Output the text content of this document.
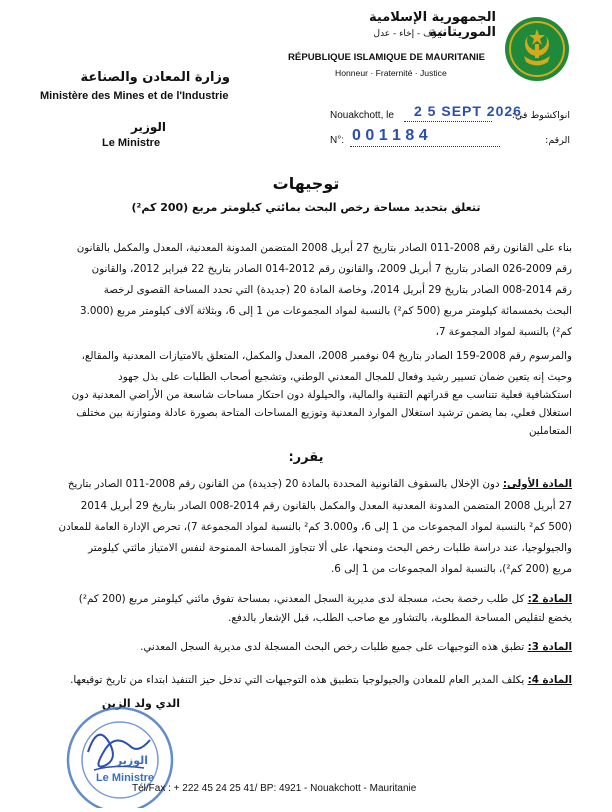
الجمهورية الإسلامية الموريتانية
شرف - إخاء - عدل
RÉPUBLIQUE ISLAMIQUE DE MAURITANIE
Honneur · Fraternité · Justice
وزارة المعادن والصناعة
Ministère des Mines et de l'Industrie
الوزير
Le Ministre
Nouakchott, le 2 5 SEPT 2026
انواكشوط في:
N°: 0 0 1 1 8 4	الرقم:
توجيهات
تتعلق بتحديد مساحة رخص البحث بمائتي كيلومتر مربع (200 كم²)
بناء على القانون رقم 2008-011 الصادر بتاريخ 27 أبريل 2008 المتضمن المدونة المعدنية، المعدل والمكمل بالقانون
رقم 2009-026 الصادر بتاريخ 7 أبريل 2009، والقانون رقم 2012-014 الصادر بتاريخ 22 فبراير 2012، والقانون
رقم 2014-008 الصادر بتاريخ 29 أبريل 2014، وخاصة المادة 20 (جديدة) التي تحدد المساحة القصوى لرخصة
البحث بخمسمائة كيلومتر مربع (500 كم²) بالنسبة لمواد المجموعات من 1 إلى 6، وبثلاثة آلاف كيلومتر مربع (3.000
كم²) بالنسبة لمواد المجموعة 7،
والمرسوم رقم 2008-159 الصادر بتاريخ 04 نوفمبر 2008، المعدل والمكمل، المتعلق بالامتيازات المعدنية والمقالع،
وحيث إنه يتعين ضمان تسيير رشيد وفعال للمجال المعدني الوطني، وتشجيع أصحاب الطلبات على بذل جهود
استكشافية فعلية تتناسب مع قدراتهم التقنية والمالية، والحيلولة دون احتكار مساحات شاسعة من الأراضي المعدنية دون
استغلال فعلي، بما يضمن ترشيد استغلال الموارد المعدنية وتوزيع المساحات المتاحة بصورة عادلة ومتوازنة بين مختلف
المتعاملين
يقرر:
المادة الأولى: دون الإخلال بالسقوف القانونية المحددة بالمادة 20 (جديدة) من القانون رقم 2008-011 الصادر بتاريخ
27 أبريل 2008 المتضمن المدونة المعدنية المعدل والمكمل بالقانون رقم 2014-008 الصادر بتاريخ 29 أبريل 2014
(500 كم² بالنسبة لمواد المجموعات من 1 إلى 6، و3.000 كم² بالنسبة لمواد المجموعة 7)، تحرص الإدارة العامة للمعادن
والجيولوجيا، عند دراسة طلبات رخص البحث ومنحها، على ألا تتجاوز المساحة الممنوحة لنفس الامتياز مائتي كيلومتر
مربع (200 كم²)، بالنسبة لمواد المجموعات من 1 إلى 6.
المادة 2: كل طلب رخصة بحث، مسجلة لدى مديرية السجل المعدني، بمساحة تفوق مائتي كيلومتر مربع (200 كم²)
يخضع لتقليص المساحة المطلوبة، بالتشاور مع صاحب الطلب، قبل الإشعار بالدفع.
المادة 3: تطبق هذه التوجيهات على جميع طلبات رخص البحث المسجلة لدى مديرية السجل المعدني.
المادة 4: يكلف المدير العام للمعادن والجيولوجيا بتطبيق هذه التوجيهات التي تدخل حيز التنفيذ ابتداء من تاريخ توقيعها.
الدي ولد الزين
الوزير
Le Ministre
Tél/Fax : + 222 45 24 25 41/ BP: 4921 - Nouakchott - Mauritanie
